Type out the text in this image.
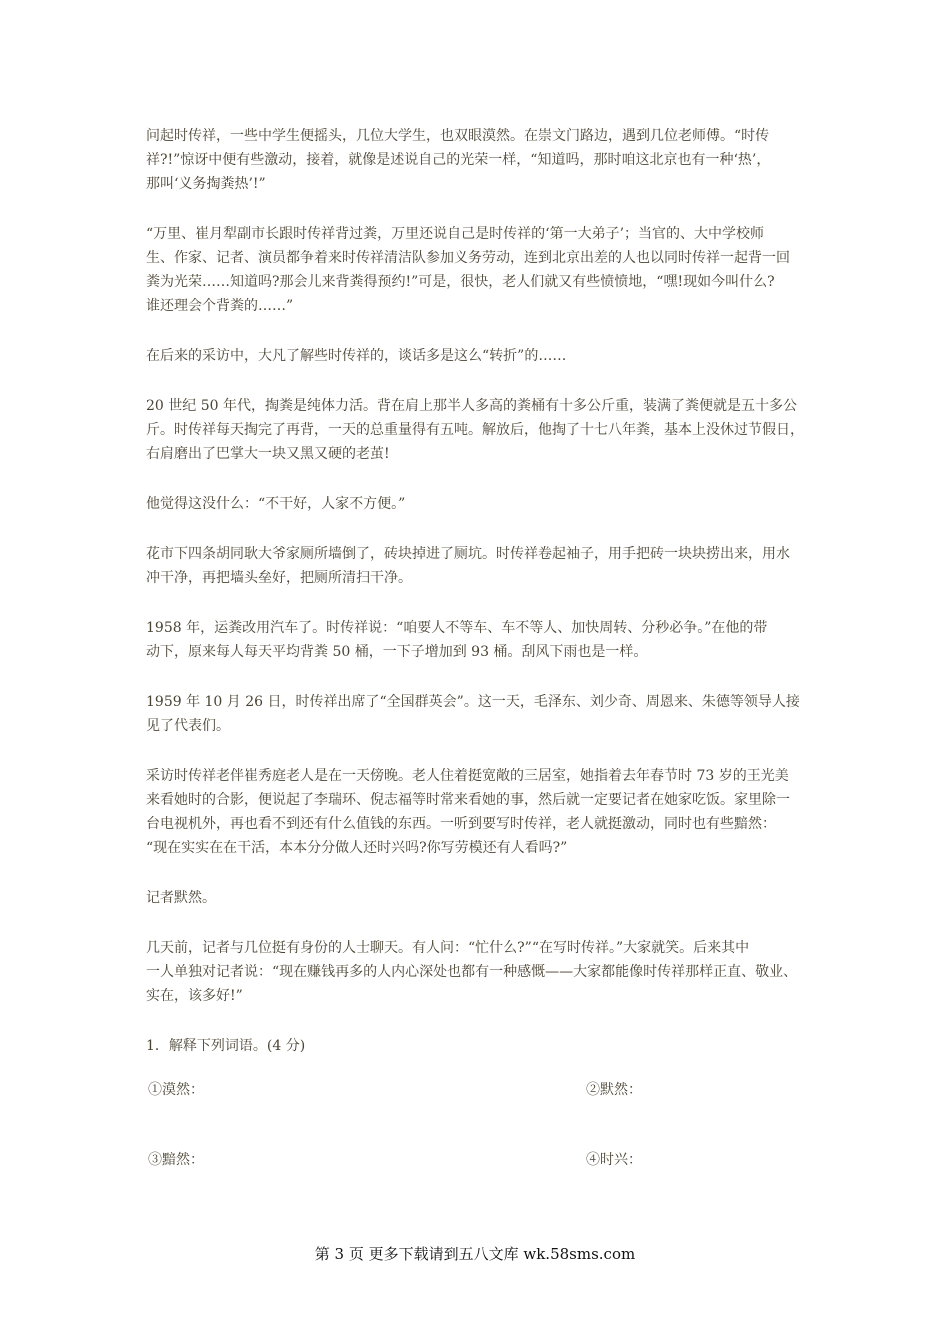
问起时传祥，一些中学生便摇头，几位大学生，也双眼漠然。在崇文门路边，遇到几位老师傅。“时传
祥?!”惊讶中便有些激动，接着，就像是述说自己的光荣一样，“知道吗，那时咱这北京也有一种‘热’，
那叫‘义务掏粪热’!”
“万里、崔月犁副市长跟时传祥背过粪，万里还说自己是时传祥的‘第一大弟子’；当官的、大中学校师
生、作家、记者、演员都争着来时传祥清洁队参加义务劳动，连到北京出差的人也以同时传祥一起背一回
粪为光荣……知道吗?那会儿来背粪得预约!”可是，很快，老人们就又有些愤愤地，“嘿!现如今叫什么?
谁还理会个背粪的……”
在后来的采访中，大凡了解些时传祥的，谈话多是这么“转折”的……
20 世纪 50 年代，掏粪是纯体力活。背在肩上那半人多高的粪桶有十多公斤重，装满了粪便就是五十多公
斤。时传祥每天掏完了再背，一天的总重量得有五吨。解放后，他掏了十七八年粪，基本上没休过节假日，
右肩磨出了巴掌大一块又黑又硬的老茧!
他觉得这没什么：“不干好，人家不方便。”
花市下四条胡同耿大爷家厕所墙倒了，砖块掉进了厕坑。时传祥卷起袖子，用手把砖一块块捞出来，用水
冲干净，再把墙头垒好，把厕所清扫干净。
1958 年，运粪改用汽车了。时传祥说：“咱要人不等车、车不等人、加快周转、分秒必争。”在他的带
动下，原来每人每天平均背粪 50 桶，一下子增加到 93 桶。刮风下雨也是一样。
1959 年 10 月 26 日，时传祥出席了“全国群英会”。这一天，毛泽东、刘少奇、周恩来、朱德等领导人接
见了代表们。
采访时传祥老伴崔秀庭老人是在一天傍晚。老人住着挺宽敞的三居室，她指着去年春节时 73 岁的王光美
来看她时的合影，便说起了李瑞环、倪志福等时常来看她的事，然后就一定要记者在她家吃饭。家里除一
台电视机外，再也看不到还有什么值钱的东西。一听到要写时传祥，老人就挺激动，同时也有些黯然：
“现在实实在在干活，本本分分做人还时兴吗?你写劳模还有人看吗?”
记者默然。
几天前，记者与几位挺有身份的人士聊天。有人问：“忙什么?”“在写时传祥。”大家就笑。后来其中
一人单独对记者说：“现在赚钱再多的人内心深处也都有一种感慨——大家都能像时传祥那样正直、敬业、
实在，该多好!”
1．解释下列词语。(4 分)
①漠然：	②默然：
③黯然：	④时兴：
第 3 页 更多下载请到五八文库 wk.58sms.com
